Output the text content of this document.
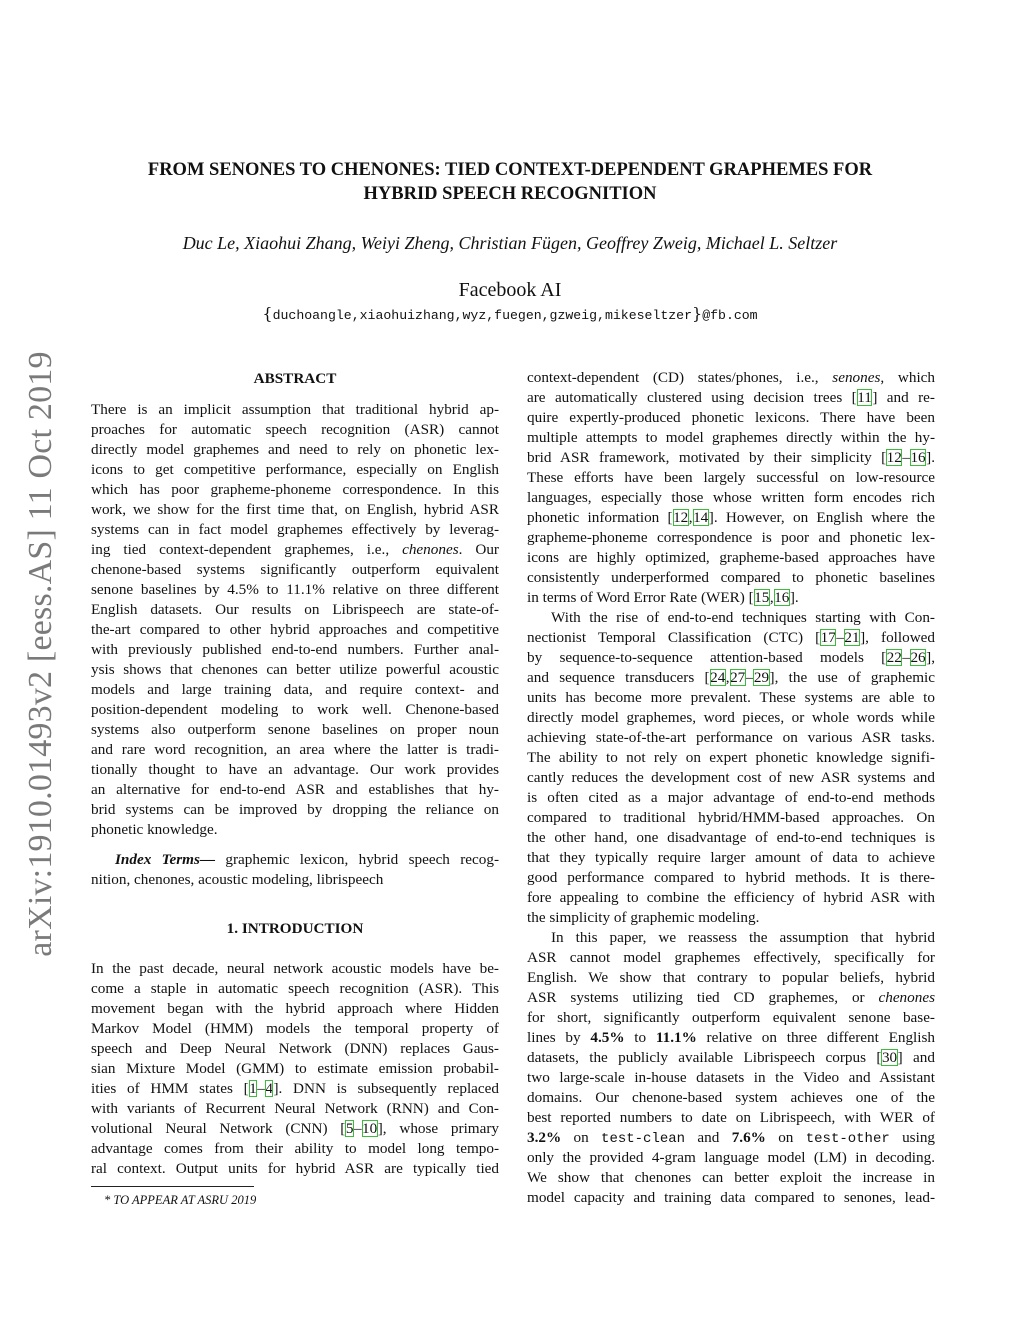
arXiv:1910.01493v2 [eess.AS] 11 Oct 2019
FROM SENONES TO CHENONES: TIED CONTEXT-DEPENDENT GRAPHEMES FOR
HYBRID SPEECH RECOGNITION
Duc Le, Xiaohui Zhang, Weiyi Zheng, Christian Fügen, Geoffrey Zweig, Michael L. Seltzer
Facebook AI
{duchoangle,xiaohuizhang,wyz,fuegen,gzweig,mikeseltzer}@fb.com
ABSTRACT
There is an implicit assumption that traditional hybrid ap-
proaches for automatic speech recognition (ASR) cannot
directly model graphemes and need to rely on phonetic lex-
icons to get competitive performance, especially on English
which has poor grapheme-phoneme correspondence. In this
work, we show for the first time that, on English, hybrid ASR
systems can in fact model graphemes effectively by leverag-
ing tied context-dependent graphemes, i.e., chenones. Our
chenone-based systems significantly outperform equivalent
senone baselines by 4.5% to 11.1% relative on three different
English datasets. Our results on Librispeech are state-of-
the-art compared to other hybrid approaches and competitive
with previously published end-to-end numbers. Further anal-
ysis shows that chenones can better utilize powerful acoustic
models and large training data, and require context- and
position-dependent modeling to work well. Chenone-based
systems also outperform senone baselines on proper noun
and rare word recognition, an area where the latter is tradi-
tionally thought to have an advantage. Our work provides
an alternative for end-to-end ASR and establishes that hy-
brid systems can be improved by dropping the reliance on
phonetic knowledge.
Index Terms— graphemic lexicon, hybrid speech recog-
nition, chenones, acoustic modeling, librispeech
1. INTRODUCTION
In the past decade, neural network acoustic models have be-
come a staple in automatic speech recognition (ASR). This
movement began with the hybrid approach where Hidden
Markov Model (HMM) models the temporal property of
speech and Deep Neural Network (DNN) replaces Gaus-
sian Mixture Model (GMM) to estimate emission probabil-
ities of HMM states [1–4]. DNN is subsequently replaced
with variants of Recurrent Neural Network (RNN) and Con-
volutional Neural Network (CNN) [5–10], whose primary
advantage comes from their ability to model long tempo-
ral context. Output units for hybrid ASR are typically tied
context-dependent (CD) states/phones, i.e., senones, which
are automatically clustered using decision trees [11] and re-
quire expertly-produced phonetic lexicons. There have been
multiple attempts to model graphemes directly within the hy-
brid ASR framework, motivated by their simplicity [12–16].
These efforts have been largely successful on low-resource
languages, especially those whose written form encodes rich
phonetic information [12,14]. However, on English where the
grapheme-phoneme correspondence is poor and phonetic lex-
icons are highly optimized, grapheme-based approaches have
consistently underperformed compared to phonetic baselines
in terms of Word Error Rate (WER) [15,16].
With the rise of end-to-end techniques starting with Con-
nectionist Temporal Classification (CTC) [17–21], followed
by sequence-to-sequence attention-based models [22–26],
and sequence transducers [24,27–29], the use of graphemic
units has become more prevalent. These systems are able to
directly model graphemes, word pieces, or whole words while
achieving state-of-the-art performance on various ASR tasks.
The ability to not rely on expert phonetic knowledge signifi-
cantly reduces the development cost of new ASR systems and
is often cited as a major advantage of end-to-end methods
compared to traditional hybrid/HMM-based approaches. On
the other hand, one disadvantage of end-to-end techniques is
that they typically require larger amount of data to achieve
good performance compared to hybrid methods. It is there-
fore appealing to combine the efficiency of hybrid ASR with
the simplicity of graphemic modeling.
In this paper, we reassess the assumption that hybrid
ASR cannot model graphemes effectively, specifically for
English. We show that contrary to popular beliefs, hybrid
ASR systems utilizing tied CD graphemes, or chenones
for short, significantly outperform equivalent senone base-
lines by 4.5% to 11.1% relative on three different English
datasets, the publicly available Librispeech corpus [30] and
two large-scale in-house datasets in the Video and Assistant
domains. Our chenone-based system achieves one of the
best reported numbers to date on Librispeech, with WER of
3.2% on test-clean and 7.6% on test-other using
only the provided 4-gram language model (LM) in decoding.
We show that chenones can better exploit the increase in
model capacity and training data compared to senones, lead-
* TO APPEAR AT ASRU 2019
